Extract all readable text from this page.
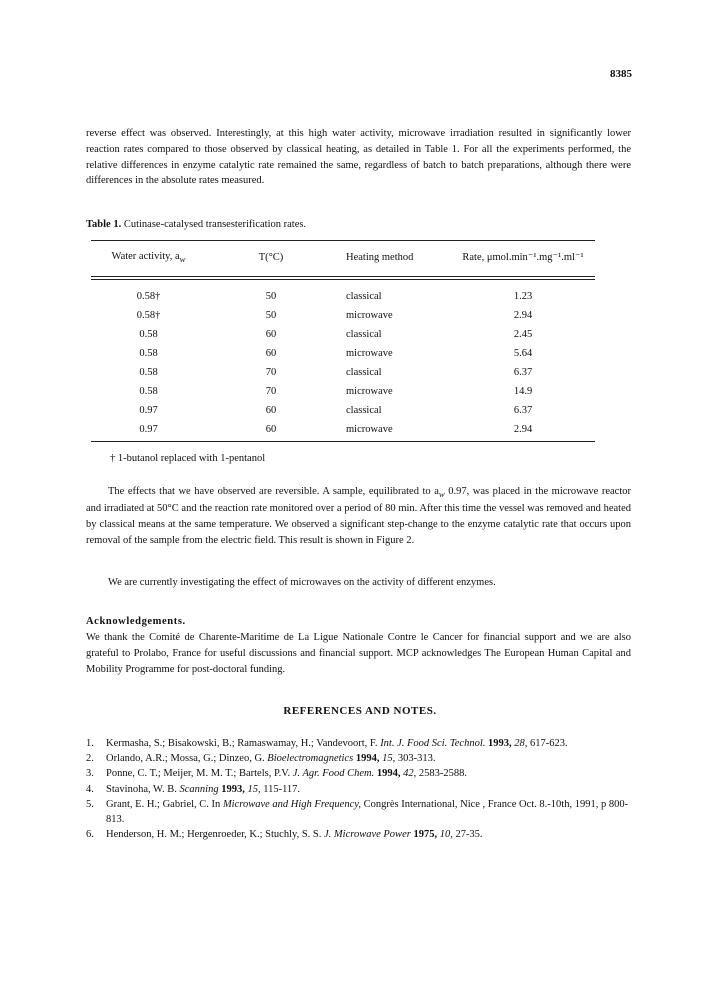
8385

reverse effect was observed. Interestingly, at this high water activity, microwave irradiation resulted in significantly lower reaction rates compared to those observed by classical heating, as detailed in Table 1. For all the experiments performed, the relative differences in enzyme catalytic rate remained the same, regardless of batch to batch preparations, although there were differences in the absolute rates measured.

Table 1. Cutinase-catalysed transesterification rates.
Water activity, $a_w$	T(°C)	Heating method	Rate, μmol.min⁻¹.mg⁻¹.ml⁻¹
0.58†	50	classical	1.23
0.58†	50	microwave	2.94
0.58	60	classical	2.45
0.58	60	microwave	5.64
0.58	70	classical	6.37
0.58	70	microwave	14.9
0.97	60	classical	6.37
0.97	60	microwave	2.94
† 1-butanol replaced with 1-pentanol

The effects that we have observed are reversible. A sample, equilibrated to $a_w$ 0.97, was placed in the microwave reactor and irradiated at 50°C and the reaction rate monitored over a period of 80 min. After this time the vessel was removed and heated by classical means at the same temperature. We observed a significant step-change to the enzyme catalytic rate that occurs upon removal of the sample from the electric field. This result is shown in Figure 2.

We are currently investigating the effect of microwaves on the activity of different enzymes.

Acknowledgements.

We thank the Comité de Charente-Maritime de La Ligue Nationale Contre le Cancer for financial support and we are also grateful to Prolabo, France for useful discussions and financial support. MCP acknowledges The European Human Capital and Mobility Programme for post-doctoral funding.

REFERENCES AND NOTES.
1. Kermasha, S.; Bisakowski, B.; Ramaswamay, H.; Vandevoort, F. Int. J. Food Sci. Technol. 1993, 28, 617-623.
2. Orlando, A.R.; Mossa, G.; Dinzeo, G. Bioelectromagnetics 1994, 15, 303-313.
3. Ponne, C. T.; Meijer, M. M. T.; Bartels, P.V. J. Agr. Food Chem. 1994, 42, 2583-2588.
4. Stavinoha, W. B. Scanning 1993, 15, 115-117.
5. Grant, E. H.; Gabriel, C. In Microwave and High Frequency, Congrès International, Nice , France Oct. 8.-10th, 1991, p 800-813.
6. Henderson, H. M.; Hergenroeder, K.; Stuchly, S. S. J. Microwave Power 1975, 10, 27-35.
